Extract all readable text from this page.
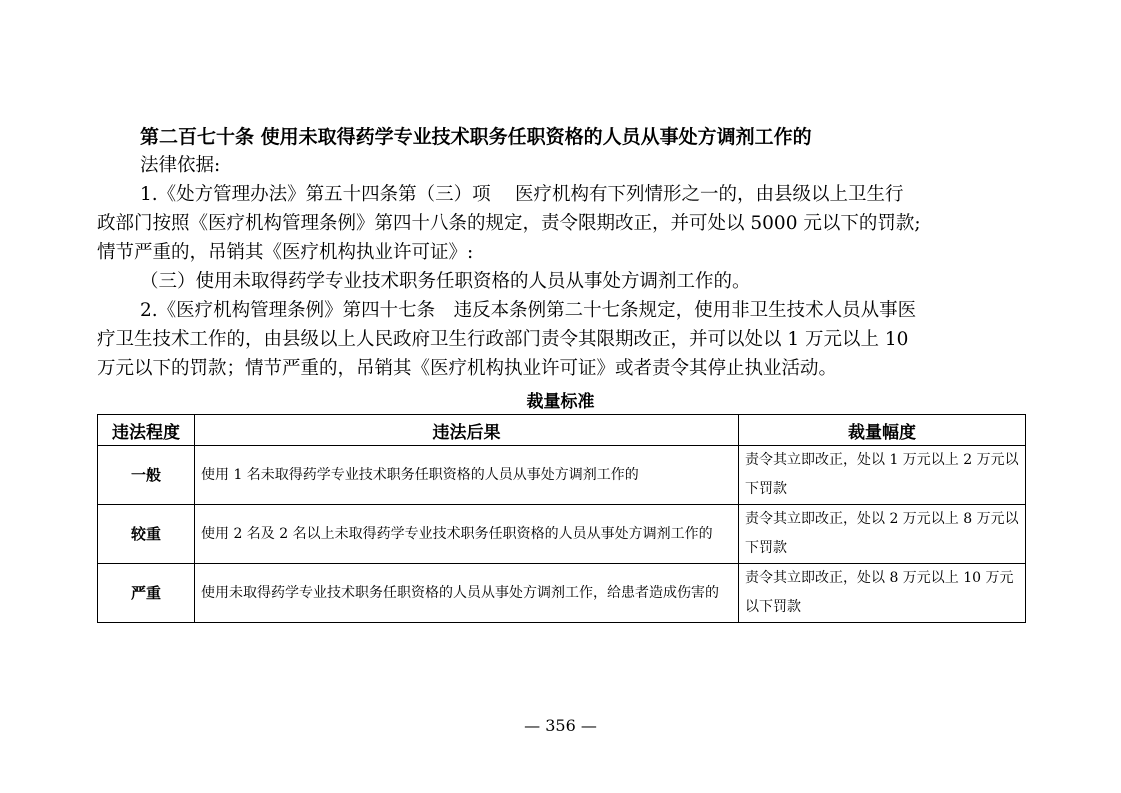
第二百七十条 使用未取得药学专业技术职务任职资格的人员从事处方调剂工作的
法律依据:
1.《处方管理办法》第五十四条第（三）项　 医疗机构有下列情形之一的，由县级以上卫生行
政部门按照《医疗机构管理条例》第四十八条的规定，责令限期改正，并可处以 5000 元以下的罚款;
情节严重的，吊销其《医疗机构执业许可证》:
（三）使用未取得药学专业技术职务任职资格的人员从事处方调剂工作的。
2.《医疗机构管理条例》第四十七条　违反本条例第二十七条规定，使用非卫生技术人员从事医
疗卫生技术工作的，由县级以上人民政府卫生行政部门责令其限期改正，并可以处以 1 万元以上 10
万元以下的罚款；情节严重的，吊销其《医疗机构执业许可证》或者责令其停止执业活动。
裁量标准
违法程度	违法后果	裁量幅度
一般	使用 1 名未取得药学专业技术职务任职资格的人员从事处方调剂工作的	责令其立即改正，处以 1 万元以上 2 万元以下罚款
较重	使用 2 名及 2 名以上未取得药学专业技术职务任职资格的人员从事处方调剂工作的	责令其立即改正，处以 2 万元以上 8 万元以下罚款
严重	使用未取得药学专业技术职务任职资格的人员从事处方调剂工作，给患者造成伤害的	责令其立即改正，处以 8 万元以上 10 万元以下罚款
— 356 —
